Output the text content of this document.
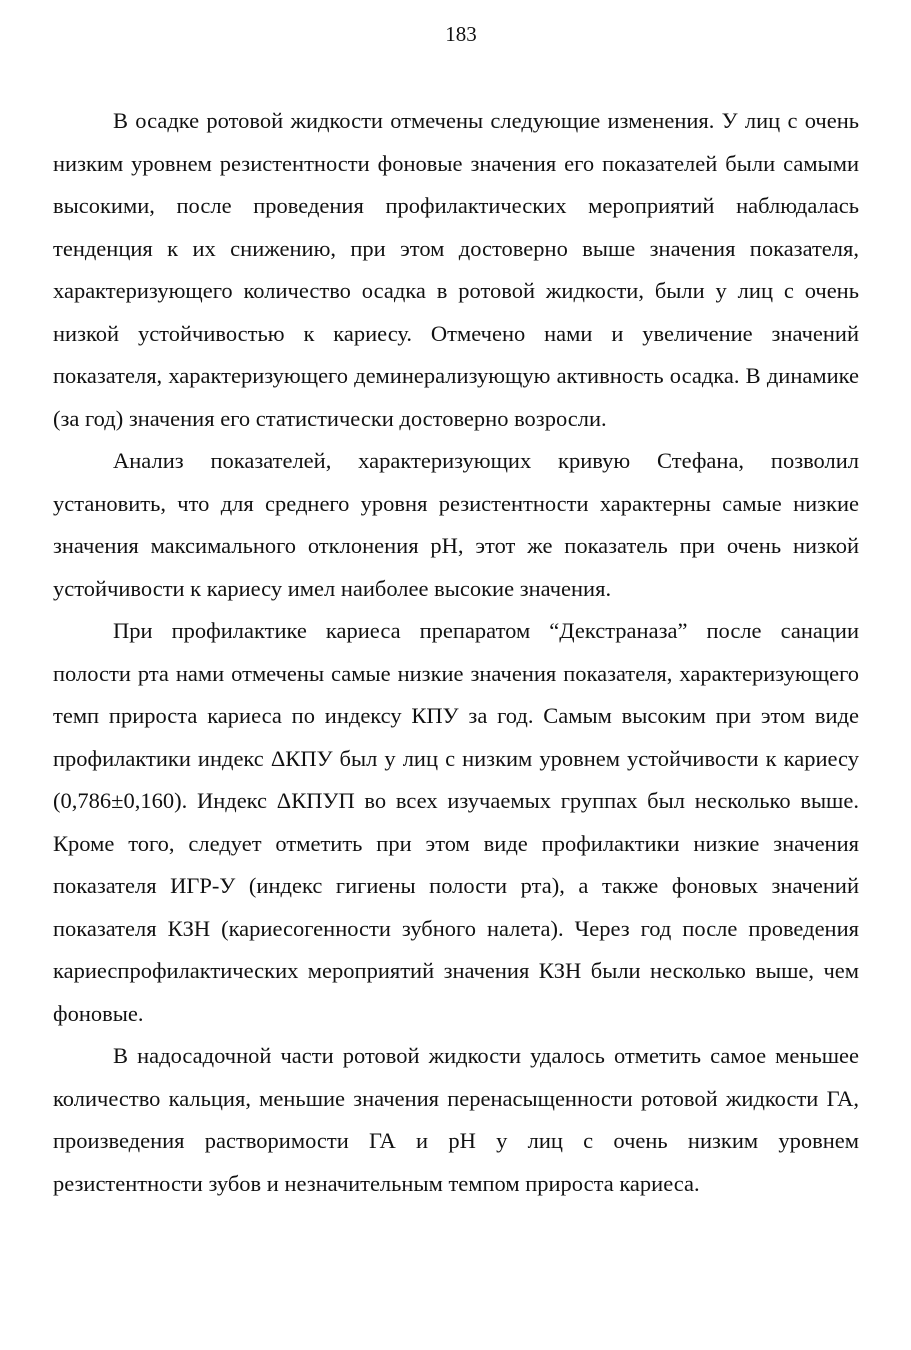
183

В осадке ротовой жидкости отмечены следующие изменения. У лиц с очень низким уровнем резистентности фоновые значения его показателей были самыми высокими, после проведения профилактических мероприятий наблюдалась тенденция к их снижению, при этом достоверно выше значения показателя, характеризующего количество осадка в ротовой жидкости, были у лиц с очень низкой устойчивостью к кариесу. Отмечено нами и увеличение значений показателя, характеризующего деминерализующую активность осадка. В динамике (за год) значения его статистически достоверно возросли.

Анализ показателей, характеризующих кривую Стефана, позволил установить, что для среднего уровня резистентности характерны самые низкие значения максимального отклонения pH, этот же показатель при очень низкой устойчивости к кариесу имел наиболее высокие значения.

При профилактике кариеса препаратом “Декстраназа” после санации полости рта нами отмечены самые низкие значения показателя, характеризующего темп прироста кариеса по индексу КПУ за год. Самым высоким при этом виде профилактики индекс ΔКПУ был у лиц с низким уровнем устойчивости к кариесу (0,786±0,160). Индекс ΔКПУП во всех изучаемых группах был несколько выше. Кроме того, следует отметить при этом виде профилактики низкие значения показателя ИГР-У (индекс гигиены полости рта), а также фоновых значений показателя КЗН (кариесогенности зубного налета). Через год после проведения кариеспрофилактических мероприятий значения КЗН были несколько выше, чем фоновые.

В надосадочной части ротовой жидкости удалось отметить самое меньшее количество кальция, меньшие значения перенасыщенности ротовой жидкости ГА, произведения растворимости ГА и pH у лиц с очень низким уровнем резистентности зубов и незначительным темпом прироста кариеса.
